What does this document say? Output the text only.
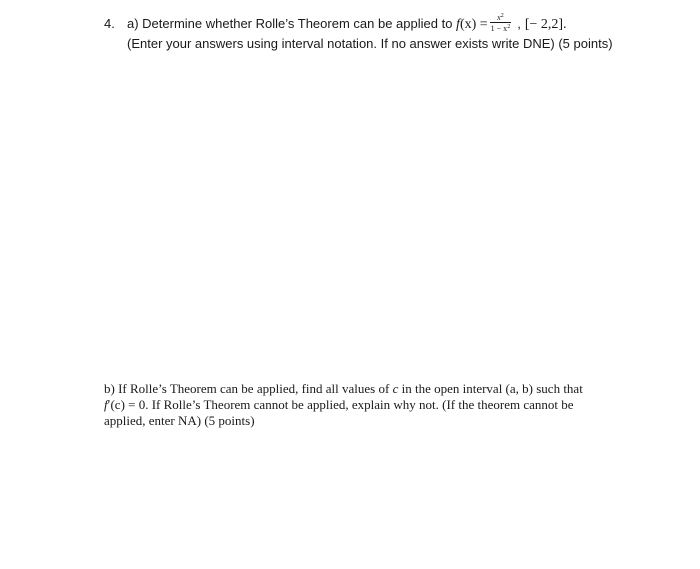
4. a) Determine whether Rolle’s Theorem can be applied to $f(x) = \frac{x^2}{1 - x^2}$ , [− 2,2].
(Enter your answers using interval notation. If no answer exists write DNE) (5 points)
b) If Rolle’s Theorem can be applied, find all values of c in the open interval (a, b) such that
f′(c) = 0. If Rolle’s Theorem cannot be applied, explain why not. (If the theorem cannot be
applied, enter NA) (5 points)
